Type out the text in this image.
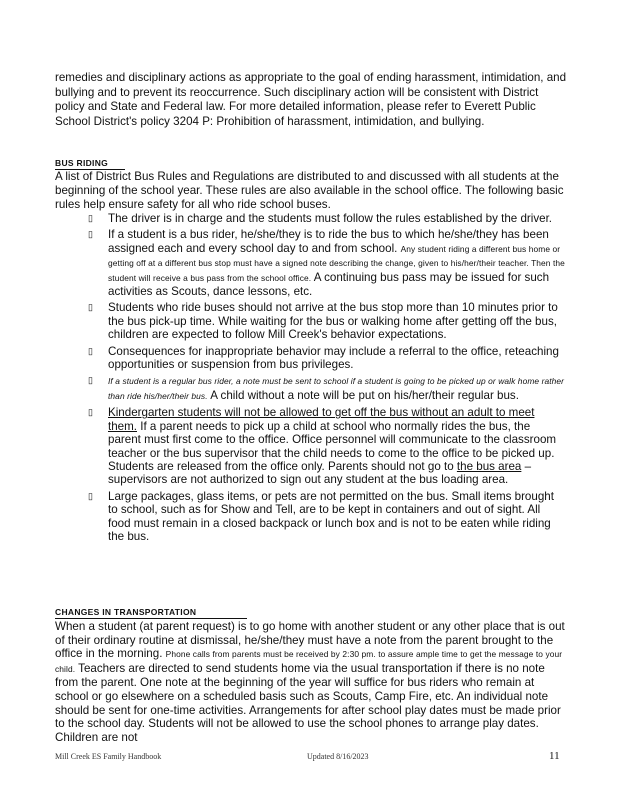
remedies and disciplinary actions as appropriate to the goal of ending harassment, intimidation, and bullying and to prevent its reoccurrence. Such disciplinary action will be consistent with District policy and State and Federal law. For more detailed information, please refer to Everett Public School District's policy 3204 P: Prohibition of harassment, intimidation, and bullying.
BUS RIDING
A list of District Bus Rules and Regulations are distributed to and discussed with all students at the beginning of the school year. These rules are also available in the school office. The following basic rules help ensure safety for all who ride school buses.
▯ The driver is in charge and the students must follow the rules established by the driver.
▯ If a student is a bus rider, he/she/they is to ride the bus to which he/she/they has been assigned each and every school day to and from school. Any student riding a different bus home or getting off at a different bus stop must have a signed note describing the change, given to his/her/their teacher. Then the student will receive a bus pass from the school office. A continuing bus pass may be issued for such activities as Scouts, dance lessons, etc.
▯ Students who ride buses should not arrive at the bus stop more than 10 minutes prior to the bus pick-up time. While waiting for the bus or walking home after getting off the bus, children are expected to follow Mill Creek's behavior expectations.
▯ Consequences for inappropriate behavior may include a referral to the office, reteaching opportunities or suspension from bus privileges.
▯ If a student is a regular bus rider, a note must be sent to school if a student is going to be picked up or walk home rather than ride his/her/their bus. A child without a note will be put on his/her/their regular bus.
▯ Kindergarten students will not be allowed to get off the bus without an adult to meet them. If a parent needs to pick up a child at school who normally rides the bus, the parent must first come to the office. Office personnel will communicate to the classroom teacher or the bus supervisor that the child needs to come to the office to be picked up. Students are released from the office only. Parents should not go to the bus area – supervisors are not authorized to sign out any student at the bus loading area.
▯ Large packages, glass items, or pets are not permitted on the bus. Small items brought to school, such as for Show and Tell, are to be kept in containers and out of sight. All food must remain in a closed backpack or lunch box and is not to be eaten while riding the bus.
CHANGES IN TRANSPORTATION
When a student (at parent request) is to go home with another student or any other place that is out of their ordinary routine at dismissal, he/she/they must have a note from the parent brought to the office in the morning. Phone calls from parents must be received by 2:30 pm. to assure ample time to get the message to your child. Teachers are directed to send students home via the usual transportation if there is no note from the parent. One note at the beginning of the year will suffice for bus riders who remain at school or go elsewhere on a scheduled basis such as Scouts, Camp Fire, etc. An individual note should be sent for one-time activities. Arrangements for after school play dates must be made prior to the school day. Students will not be allowed to use the school phones to arrange play dates. Children are not
Mill Creek ES Family Handbook	Updated 8/16/2023	11
